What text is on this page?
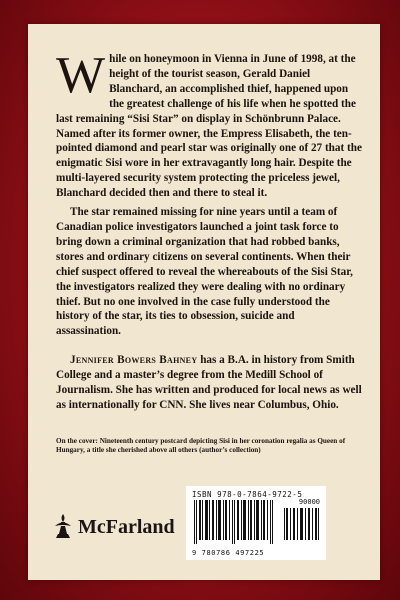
While on honeymoon in Vienna in June of 1998, at the height of the tourist season, Gerald Daniel Blanchard, an accomplished thief, happened upon the greatest challenge of his life when he spotted the last remaining “Sisi Star” on display in Schönbrunn Palace. Named after its former owner, the Empress Elisabeth, the ten-pointed diamond and pearl star was originally one of 27 that the enigmatic Sisi wore in her extravagantly long hair. Despite the multi-layered security system protecting the priceless jewel, Blanchard decided then and there to steal it.

The star remained missing for nine years until a team of Canadian police investigators launched a joint task force to bring down a criminal organization that had robbed banks, stores and ordinary citizens on several continents. When their chief suspect offered to reveal the whereabouts of the Sisi Star, the investigators realized they were dealing with no ordinary thief. But no one involved in the case fully understood the history of the star, its ties to obsession, suicide and assassination.

Jennifer Bowers Bahney has a B.A. in history from Smith College and a master’s degree from the Medill School of Journalism. She has written and produced for local news as well as internationally for CNN. She lives near Columbus, Ohio.

On the cover: Nineteenth century postcard depicting Sisi in her coronation regalia as Queen of Hungary, a title she cherished above all others (author’s collection)

McFarland
ISBN 978-0-7864-9722-5
90000
9 780786 497225
